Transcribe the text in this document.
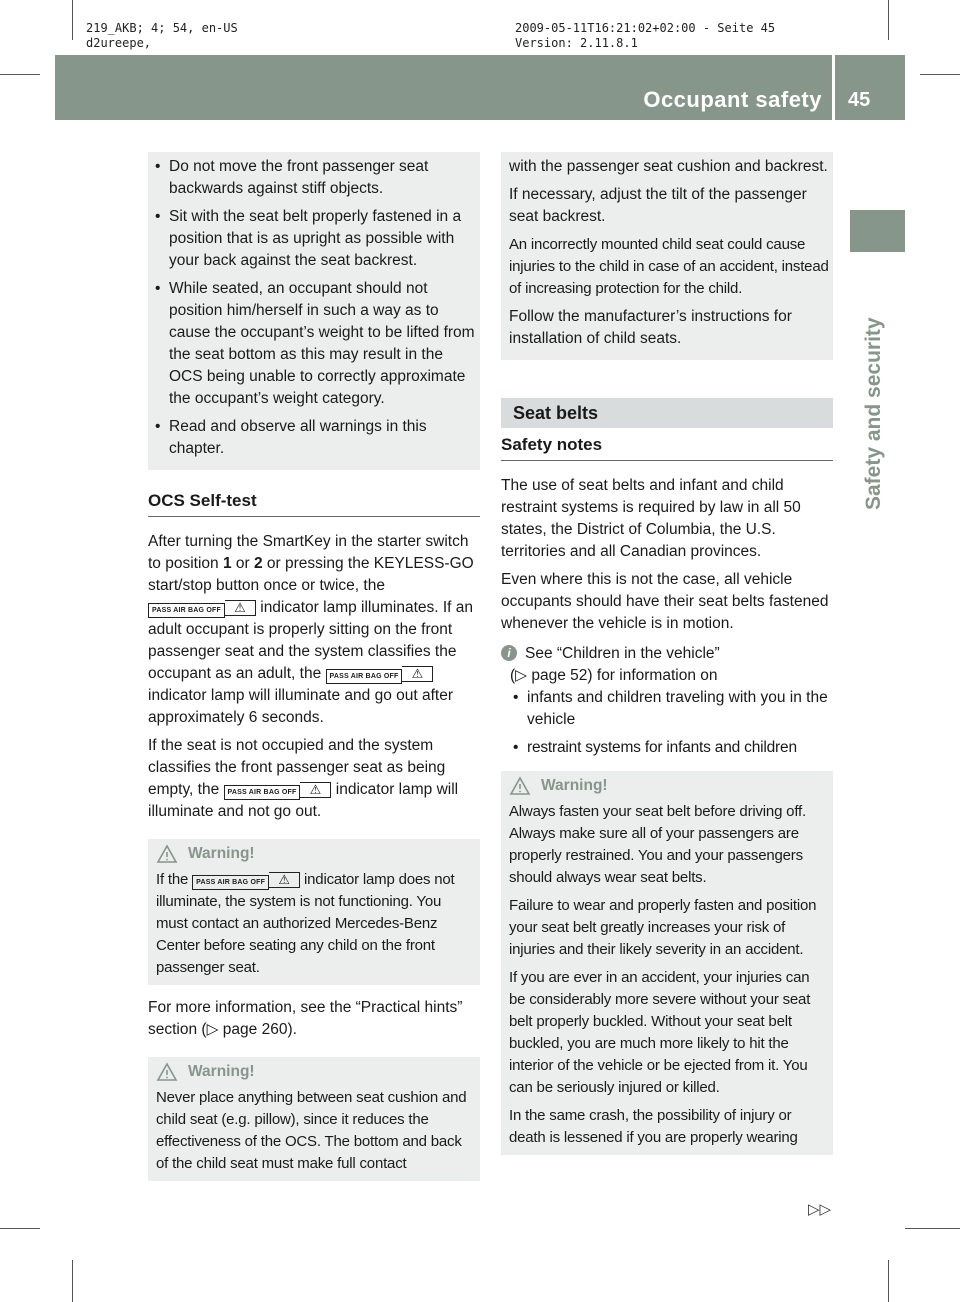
219_AKB; 4; 54, en-US
d2ureepe,
2009-05-11T16:21:02+02:00 - Seite 45
Version: 2.11.8.1
Occupant safety 45
Safety and security
• Do not move the front passenger seat backwards against stiff objects.
• Sit with the seat belt properly fastened in a position that is as upright as possible with your back against the seat backrest.
• While seated, an occupant should not position him/herself in such a way as to cause the occupant’s weight to be lifted from the seat bottom as this may result in the OCS being unable to correctly approximate the occupant’s weight category.
• Read and observe all warnings in this chapter.
OCS Self-test

After turning the SmartKey in the starter switch to position 1 or 2 or pressing the KEYLESS-GO start/stop button once or twice, the PASS AIR BAG OFF ⚠ indicator lamp illuminates. If an adult occupant is properly sitting on the front passenger seat and the system classifies the occupant as an adult, the PASS AIR BAG OFF ⚠ indicator lamp will illuminate and go out after approximately 6 seconds.

If the seat is not occupied and the system classifies the front passenger seat as being empty, the PASS AIR BAG OFF ⚠ indicator lamp will illuminate and not go out.

Warning!
If the PASS AIR BAG OFF ⚠ indicator lamp does not illuminate, the system is not functioning. You must contact an authorized Mercedes-Benz Center before seating any child on the front passenger seat.

For more information, see the “Practical hints” section (▷ page 260).

Warning!
Never place anything between seat cushion and child seat (e.g. pillow), since it reduces the effectiveness of the OCS. The bottom and back of the child seat must make full contact

with the passenger seat cushion and backrest.

If necessary, adjust the tilt of the passenger seat backrest.

An incorrectly mounted child seat could cause injuries to the child in case of an accident, instead of increasing protection for the child.

Follow the manufacturer’s instructions for installation of child seats.

Seat belts
Safety notes

The use of seat belts and infant and child restraint systems is required by law in all 50 states, the District of Columbia, the U.S. territories and all Canadian provinces.

Even where this is not the case, all vehicle occupants should have their seat belts fastened whenever the vehicle is in motion.

i See “Children in the vehicle”
(▷ page 52) for information on
• infants and children traveling with you in the vehicle
• restraint systems for infants and children
Warning!

Always fasten your seat belt before driving off. Always make sure all of your passengers are properly restrained. You and your passengers should always wear seat belts.

Failure to wear and properly fasten and position your seat belt greatly increases your risk of injuries and their likely severity in an accident.

If you are ever in an accident, your injuries can be considerably more severe without your seat belt properly buckled. Without your seat belt buckled, you are much more likely to hit the interior of the vehicle or be ejected from it. You can be seriously injured or killed.

In the same crash, the possibility of injury or death is lessened if you are properly wearing

▷▷
